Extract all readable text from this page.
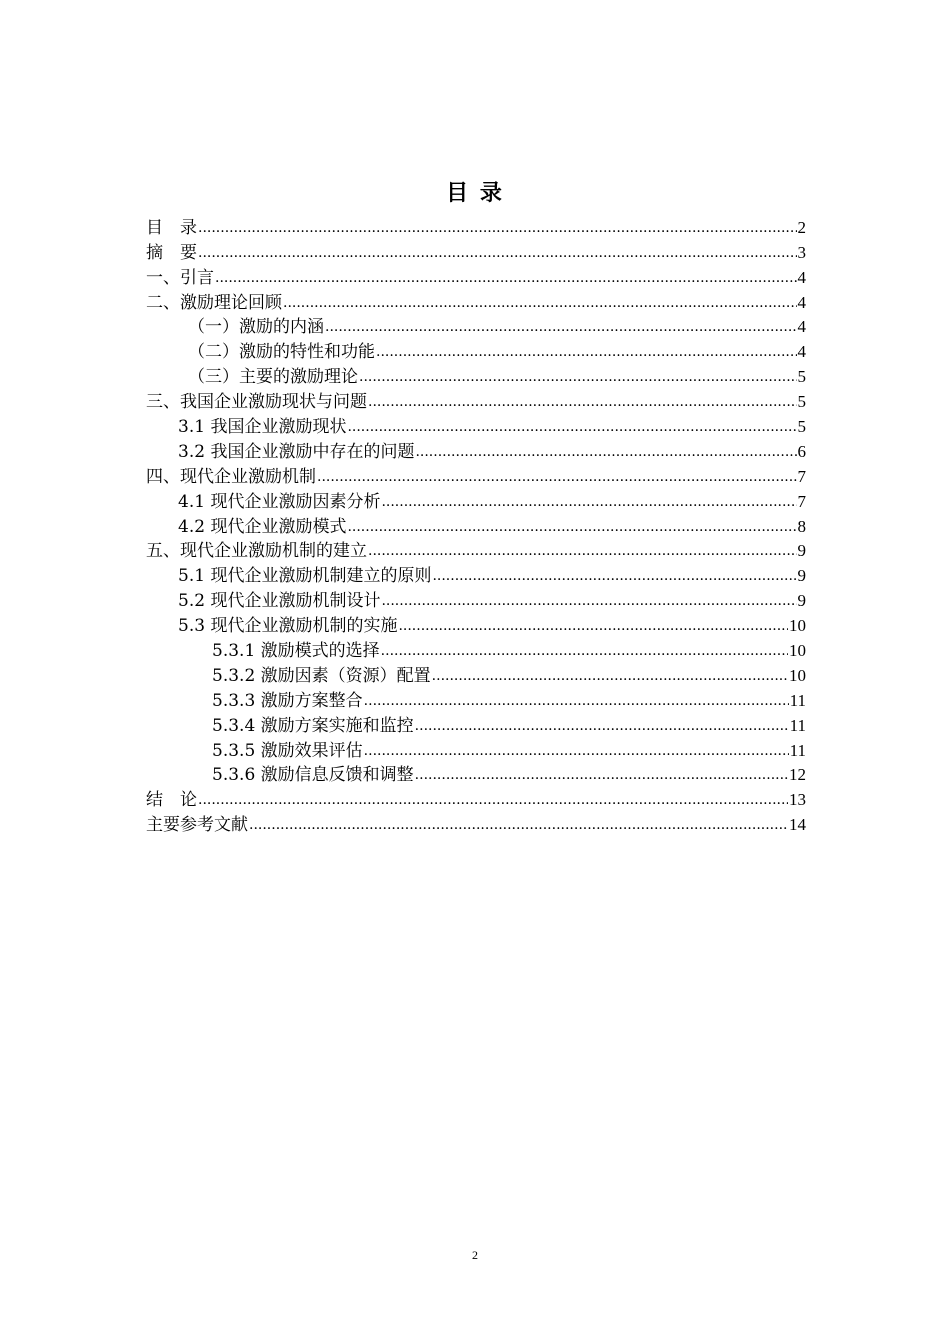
目 录
目　录 .....	2
摘　要 .....	3
一、引言 .....	4
二、激励理论回顾 .....	4
（一）激励的内涵 .....	4
（二）激励的特性和功能 .....	4
（三）主要的激励理论 .....	5
三、我国企业激励现状与问题 .....	5
3.1 我国企业激励现状 .....	5
3.2 我国企业激励中存在的问题 .....	6
四、现代企业激励机制 .....	7
4.1 现代企业激励因素分析 .....	7
4.2 现代企业激励模式 .....	8
五、现代企业激励机制的建立 .....	9
5.1 现代企业激励机制建立的原则 .....	9
5.2 现代企业激励机制设计 .....	9
5.3 现代企业激励机制的实施 .....	10
5.3.1 激励模式的选择 .....	10
5.3.2 激励因素（资源）配置 .....	10
5.3.3 激励方案整合 .....	11
5.3.4 激励方案实施和监控 .....	11
5.3.5 激励效果评估 .....	11
5.3.6 激励信息反馈和调整 .....	12
结　论 .....	13
主要参考文献 .....	14
2
